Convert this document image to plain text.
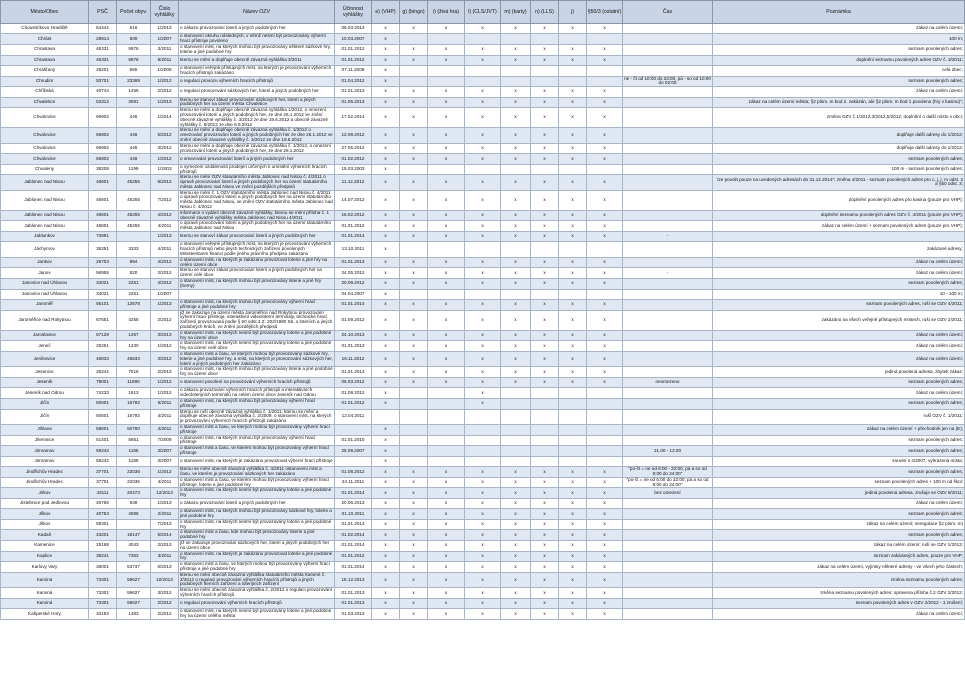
Město/Obec	PSČ	Počet obyv.	Číslo vyhlášky	Název OZV	Účinnost vyhlášky	e) (VHP)	g) (bingo)	i) (živá hra)	l) (CLS/JVT)	m) (karty)	n) (LLS)	j)	§50/3 (ostatní)	Čas	Poznámka
Choustníkovo Hradiště	54442	616	1/2013	o zákazu provozování loterií a jiných podobných her	06.03.2013	x	x	x	x	x	x	x	x		zákaz na celém území;
Chrást	28914	500	1/2007	o stanovení okruhu následných, v němž nesmí být provozovány výherní hrací přístroje povoleno	10.03.2007	x									100 m;
Chrastava	46331	5976	3/2011	o stanovení míst, na kterých mohou být provozovány některé sázkové hry, loterie a jiné podobné hry	01.01.2012	x	x	x	x	x	x	x	x		seznam povolených adres;
Chrastava	46331	5976	8/2011	kterou se mění a doplňuje obecně závazná vyhláška 3/2011	01.01.2012	x	x	x	x	x	x	x	x		doplnění seznamu povolených adres OZV č. 3/2011;
Chrášťany	28201	655	1/2008	o stanovení veřejně přístupných míst, na kterých je provozování výherních hracích přístrojů zakázáno	07.11.2008	x									celá obec;
Chrudim	53701	23369	1/2012	o regulaci provozu výherních hracích přístrojů	01.04.2012	x								ne - čt od 10:00 do 24:00, pá - so od 10:00 do 02:00	seznam povolených adres;
Chříbská	40744	1455	2/2012	o regulaci provozování sázkových her, loterií a jiných podobných her	01.01.2013	x	x	x	x	x	x	x	x		zákaz na celém území;
Chvaletice	53312	3091	1/2013	kterou se stanoví zákaz provozování sázkových her, loterií a jiných podobných her na území města Chvaletice	01.06.2013	x	x	x	x	x	x	x	x		zákaz na celém území města; §2 písm. m bod 2. zakázán, ale §2 písm. m bod 1 povoleno (hry v kasinu)";
Chvalovice	66902	446	1/2014	kterou se mění a doplňuje obecně závazná vyhláška 1/2012, o omezení provozování loterií a jiných podobných her, ze dne 26.1.2012 ve znění obecně závazné vyhlášky č. 3/2012 ze dne 19.6.2012 a obecně závazné vyhlášky č. 5/2012 ze dne 6.9.2012	17.02.2014	x	x	x	x	x	x	x	x		změna OZV č.1/2012,3/2012,5/2012; doplnění o další místo v obci;
Chvalovice	66902	446	5/2012	kterou se mění a doplňuje obecně závazná vyhláška č. 1/2012 o omezování provozování loterií a jiných podobných her ze dne 26.1.2012 ve znění obecně závazné vyhlášky č. 3/2012 ze dne 19.6.2012	12.09.2012	x	x	x	x	x	x	x	x		doplňuje další adresy do 1/2012;
Chvalovice	66902	446	3/2012	kterou se mění a doplňuje obecně závazná vyhláška č. 1/2012, o omezení provozování loterií a jiných podobných her, ze dne 26.1.2012	27.06.2012	x	x	x	x	x	x	x	x		doplňuje další adresy do 1/2012;
Chvalovice	66902	446	1/2012	o omezování provozování loterií a jiných podobných her	01.02.2012	x	x	x	x	x	x	x	x		seznam povolených adres;
Chvaleny	38208	1199	1/2003	o vymezení vzdálenosti prodejen určených k umístění výherních hracích přístrojů	15.03.2003	x									100 m - seznam povolených adres;
Jablonec nad Nisou	46601	45255	8/2012	kterou se mění OZV statutárního města Jablonec nad Nisou č. 4/2011 o úpravě provozování loterií a jiných podobných her na území statutárního města Jablonec nad Nisou ve znění pozdějších předpisů	11.12.2012	x	x	x	x	x	x	x	x		lze povolit pouze na uvedených adresách do 31.12.2014*; změna 4/2011 - seznam povolených adres pro c, j, l, m odst. 2 a §50 odst. 3;
Jablonec nad Nisou	46601	45255	7/2012	kterou se mění č. 1 OZV statutárního města Jablonec nad Nisou č. 4/2011 o úpravě provozování loterií a jiných podobných her na území statutárního města Jablonec nad Nisou, ve znění OZV statutárního města Jablonec nad Nisou č. 4/2012	14.07.2012	x	x	x	x	x	x	x	x		doplnění povolených adres pro kasina (pouze pro VHP);
Jablonec nad Nisou	46601	45255	4/2012	informace o vydání obecně závazné vyhlášky, kterou se mění příloha č. 1 obecně závazné vyhlášky města Jablonec nad Nisou 4/2011	15.02.2012	x	x	x	x	x	x	x	x		doplnění seznamu povolených adres OZV č. 4/2011 (pouze pro VHP);
Jablonec nad Nisou	46601	45255	4/2011	o úpravě provozování loterií a jiných podobných her na území statutárního města Jablonec nad Nisou	01.01.2012	x	x	x	x	x	x	x	x		zákaz na celém území + seznam povolených adres (pouze pro VHP);
Jablunkov	73991		1/2013	kterou se stanoví zákaz provozování loterií a jiných podobných her	01.01.2014	x	x	x	x	x	x	x	x	-	
Jáchymov	36251	3333	4/2011	o stanovení veřejně přístupných míst, na kterých je provozování výherních hracích přístrojů nebo jiných technických zařízení povolených Ministerstvem financí podle jiného právního předpisu zakázáno	13.10.2011	x									zakázané adresy;
Jankov	25703	894	4/2012	o stanovení míst, na kterých je zakázáno provozovat loterie a jiné hry na celém území obce	01.01.2013	x	x	x	x	x	x	x	x		zákaz na celém území;
Janov	56955	820	2/2012	kterou se stanoví zákaz provozování loterií a jiných podobných her na území celé obce	24.05.2012	x	x	x	x	x	x	x	x	-	zákaz na celém území;
Janovice nad Úhlavou	34021	2251	4/2012	o stanovení míst, na kterých mohou být provozovány loterie a jiné hry (herny)	20.09.2012	x	x	x	x	x	x	x	x		seznam povolených adres;
Janovice nad Úhlavou	34021	2251	1/2007		04.04.2007	x									10 - 100 m;
Jaroměř	55101	12678	1/2013	o stanovení míst, na kterých mohou být provozovány výherní hrací přístroje a jiné podobné hry	01.01.2014	x	x	x	x	x	x	x	x		seznam povolených adres, ruší se OZV 4/2011;
Jaroměřice nad Rokytnou	67551	4258	2/2012	již se zakazuje na území města Jaroměřice nad Rokytnou provozování výherní hrací přístroje, interaktivní videoloterní terminály, technické hrací zařízení provozovaná podle § 50 odst.3 Z. 202/1990 Sb. o loteriích a jiných podobných hrách, ve znění pozdějších předpisů	01.09.2012	x	x	x	x	x	x	x	x		zakázáno na všech veřejně přístupných místech, ruší se OZV 2/2011;
Jaroslavice	67128	1267	3/2013	o stanovení míst, na kterých nesmí být provozovány loterie a jiné podobné hry na území obce	24.10.2013	x	x	x	x	x	x	x	x		zákaz na celém území;
Jeneč	25261	1230	1/2012	o stanovení míst, na kterých nesmí být provozovány loterie a jiné podobné hry na území celé obce	01.01.2013	x	x	x	x	x	x	x	x		zákaz na celém území;
Jeníkovice	46833	46833	3/2012	o stanovení míst a času, ve kterých mohou být provozovány sázkové hry, loterie a jiné podobné hry, a míst, na kterých je provozování sázkových her, loterií a jiných podobných her zakázáno	16.11.2012	x	x	x	x	x	x	x	x		zákaz na celém území;
Jesenice	25242	7516	2/2013	o stanovení míst, na kterých mohou být provozovány loterie a jiné podobné hry na území obce	01.01.2014	x	x	x	x	x	x	x	x		jediná povolená adresa, zbytek zákaz;
Jeseník	79001	11890	1/2012	o stanovení povolení na provozování výherních hracích přístrojů	06.03.2012	x	x	x	x	x	x	x	x	neomezeno	seznam povolených adres;
Jeseník nad Odrou	74233	1913	1/2012	o zákazu provozování výherních hracích přístrojů a interaktivních videoloterijních terminálů na celém území obce Jeseník nad Odrou	01.09.2012	x			x						zákaz na celém území;
Jičín	50601	16792	6/2011	o stanovení míst, na kterých mohou být provozovány výherní hrací přístroje	01.01.2012	x			x						seznam povolených adres;
Jičín	50601	16792	4/2011	kterou se ruší obecně závazná vyhláška č. 1/2011, kterou se mění a doplňuje obecně závazná vyhláška č. 2/2009, o stanovení míst, na kterých je provozování výherních hracích přístrojů zakázáno	12.04.2011										ruší OZV č. 1/2011;
Jihlava	58601	50760	4/2011	o stanovení míst a času, ve kterých mohou být provozovány výherní hrací přístroje		x									zákaz na celém území + přechodník jen na (E);
Jílemnice	51401	5651	7/2009	o stanovení míst, na kterých mohou být provozovány výherní hrací přístroje	01.01.2010	x									seznam povolených adres;
Jimramov	59242	1185	3/2007	o stanovení míst a času, ve kterém mohou být provozovány výherní hrací přístroje	25.09.2007	x								21.00 - 12.00	seznam povolených adres;
Jimramov	59242	1185	3/2007	o stanovení míst, na kterých je zakázáno provozovat výherní hrací přístroje		x									souvisí s 4/2007, vyhrazená místa;
Jindřichův Hradec	37701	22036	1/2012	kterou se mění obecně závazná vyhláška č. 4/2011 ostanovení míst a času, ve kterém je provozování sázkových her zakázáno	01.08.2012	x	x	x	x	x	x	x	x	"po-čt = ne od 6:00 - 22:00, pá a so od 6:00 do 24:00"	seznam povolených adres;
Jindřichův Hradec	37701	22036	4/2011	o stanovení míst a času, ve kterém mohou být provozovány výherní hrací přístroje, loterie a jiné podobné hry	24.11.2011	x	x	x	x	x	x	x	x	"po-čt = ne od 6:00 do 22:00; pá a so od 6:00 do 24:00"	seznam povolených adres + 100 m od škol;
Jirkov	43111	20473	12/2013	o stanovení míst, na kterých nesmí být provozovány loterie a jiné podobné hry	01.01.2014	x	x	x	x	x	x	x	x	bez omezení	jediná povolená adresa, zrušuje se OZV 8/2011;
Jistebnice pod Jedlovou	40756	638	1/2013	o zákazu provozování loterií a jiných podobných her	20.06.2013	x	x	x	x	x	x	x	x		zákaz na celém území;
Jílkov	40753	4096	2/2011	o stanovení míst, na kterých mohou být provozovány sázkové hry, loterie a jiné podobné hry	01.10.2011	x	x	x	x	x	x	x	x		seznam povolených adres;
Jílkov	58301		7/2013	o stanovení míst, na kterých nesmí být provozovány loterie a jiné podobné hry	01.01.2014	x	x	x	x	x	x	x	x		zákaz na celém území; neregulace §2 písm. m)
Kadaň	43201	18147	5/2014	o stanovení míst a času, kde mohou být provozovány loterie a jiné podobné hry	01.02.2014	x	x	x	x	x	x	x	x		seznam povolených adres;
Kamenice	25168	4043	2/2013	jíž se zakazuje provozování sázkových her, loterií a jiných podobných her na území obce	01.01.2014	x	x	x	x	x	x	x	x		zákaz na celém území; ruší se OZV 1/2013;
Kaplice	38241	7362	3/2011	o stanovení míst, na kterých je zakázáno provozovat loterie a jiné podobné hry	01.01.2012	x	x	x	x	x	x	x	x		seznam zakázaných adres, pouze pro VHP;
Karlovy Vary	36001	53737	6/2013	o stanovení míst a času, ve kterých mohou být provozovány výherní hrací přístroje a jiné podobné hry	01.01.2014	x	x	x	x	x	x	x	x		zákaz na celém území, vyjímky některé adresy - ve všech jeho částech;
Karviná	73301	59627	10/2013	kterou se mění obecně závazná vyhláška statutárního města Karviné č. 2/2012 o regulaci provozování výherních hracích přístrojů a jiných podobných herních zařízení a loterijních zařízení	18.12.2013	x	x	x	x	x	x	x	x		změna seznamu povolených adres;
Karviná	73301	59627	3/2012	kterou se mění obecně závazná vyhláška č. 2/2012 o regulaci provozování výherních hracích přístrojů	01.01.2013	x	x	x	x	x	x	x	x		změna seznamu povolených adres; opravena příloha č.2 OZV 2/2012;
Karviná	73301	59627	2/2012	o regulaci provozování výherních hracích přístrojů	01.01.2013	x	x	x	x	x	x	x	x		seznam povolených adres v OZV 2/2012 - 1 zrušení;
Kašperské Hory	34192	1483	2/2012	o stanovení míst, na kterých nesmí být provozovány loterie a jiné podobné hry na území celého města	01.03.2013	x	x	x	x	x	x	x	x		zákaz na celém území;
